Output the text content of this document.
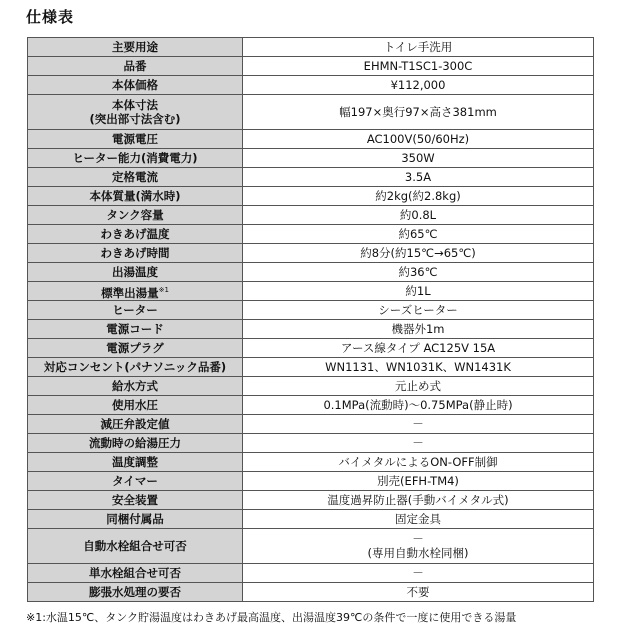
仕様表
主要用途	トイレ手洗用
品番	EHMN-T1SC1-300C
本体価格	¥112,000

本体寸法
(突出部寸法含む)	幅197×奥行97×高さ381mm
電源電圧	AC100V(50/60Hz)
ヒーター能力(消費電力)	350W
定格電流	3.5A
本体質量(満水時)	約2kg(約2.8kg)
タンク容量	約0.8L
わきあげ温度	約65℃
わきあげ時間	約8分(約15℃→65℃)
出湯温度	約36℃
標準出湯量$^{※1}$	約1L
ヒーター	シーズヒーター
電源コード	機器外1m
電源プラグ	アース線タイプ AC125V 15A
対応コンセント(パナソニック品番)	WN1131、WN1031K、WN1431K
給水方式	元止め式
使用水圧	0.1MPa(流動時)～0.75MPa(静止時)
減圧弁設定値	－
流動時の給湯圧力	－
温度調整	バイメタルによるON-OFF制御
タイマー	別売(EFH-TM4)
安全装置	温度過昇防止器(手動バイメタル式)
同梱付属品	固定金具
自動水栓組合せ可否	－
(専用自動水栓同梱)

単水栓組合せ可否	－
膨張水処理の要否	不要
※1:水温15℃、タンク貯湯温度はわきあげ最高温度、出湯温度39℃の条件で一度に使用できる湯量
